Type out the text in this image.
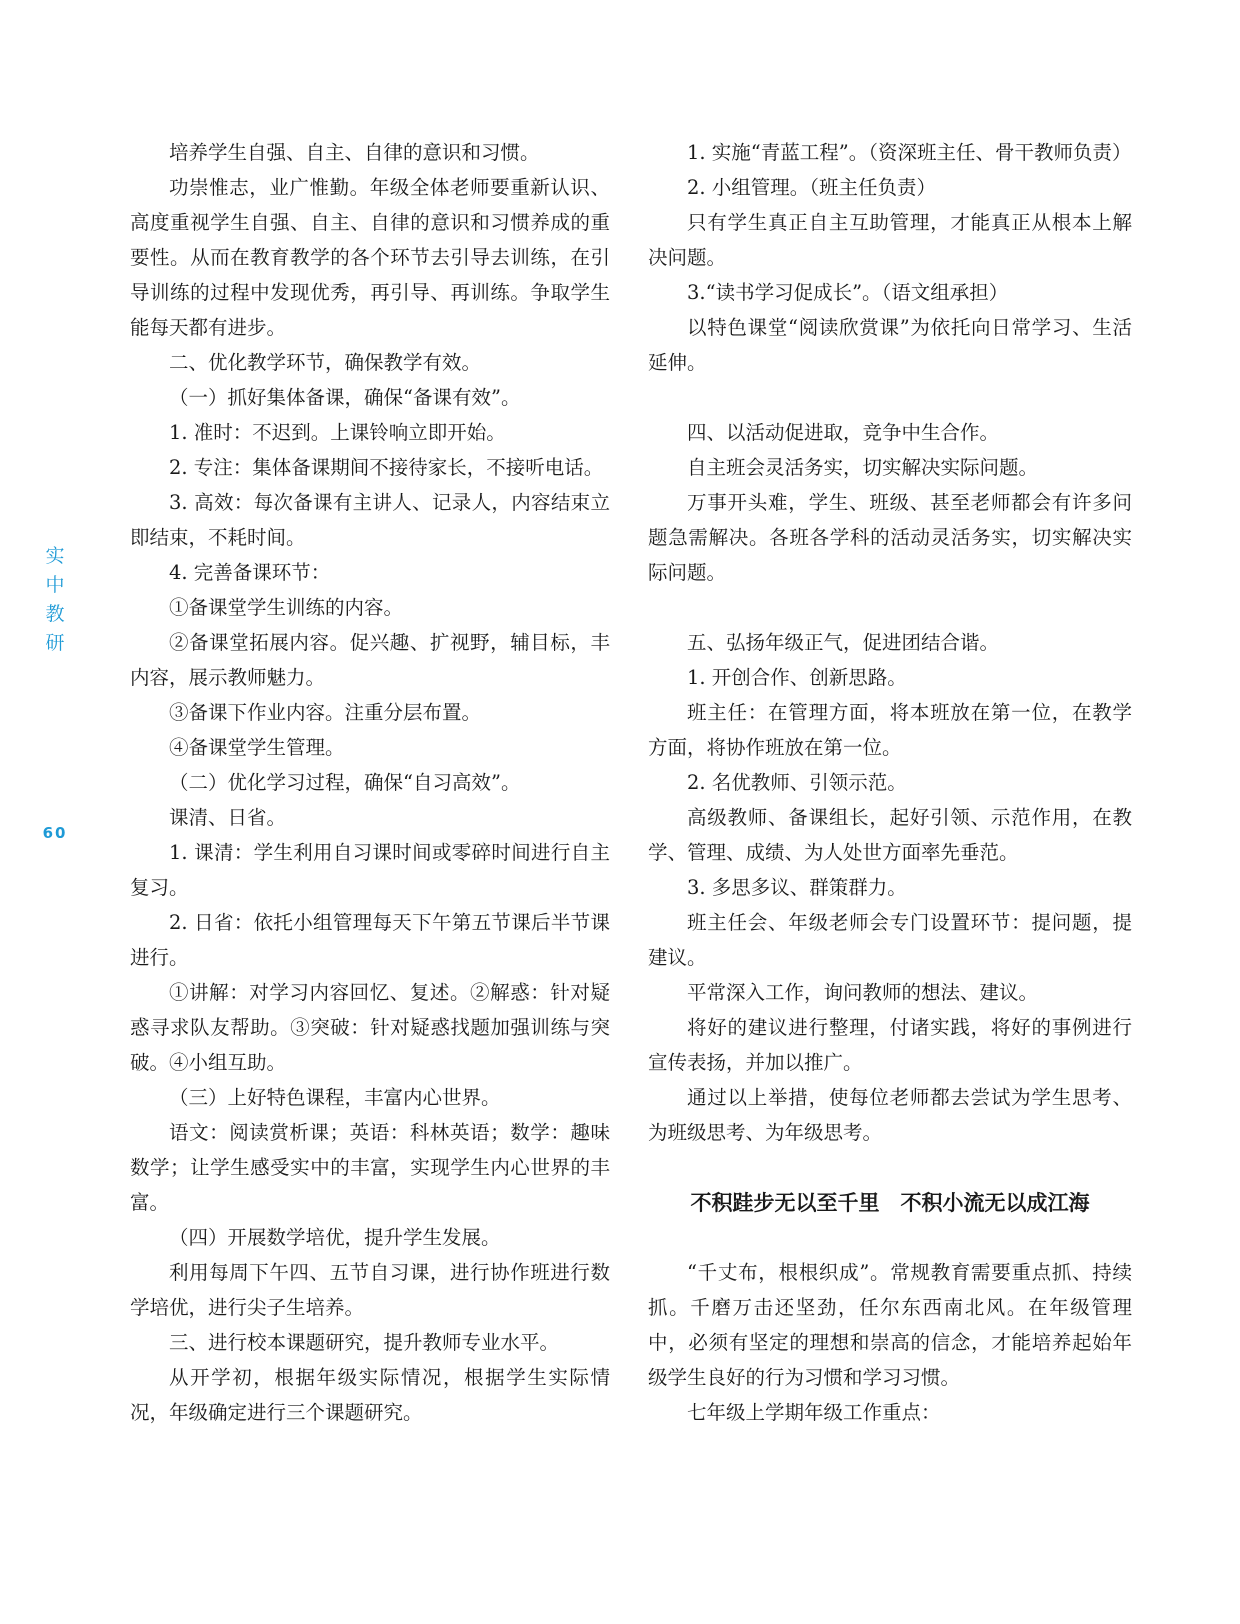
实
中
教
研
60

培养学生自强、自主、自律的意识和习惯。

功崇惟志，业广惟勤。年级全体老师要重新认识、高度重视学生自强、自主、自律的意识和习惯养成的重要性。从而在教育教学的各个环节去引导去训练，在引导训练的过程中发现优秀，再引导、再训练。争取学生能每天都有进步。

二、优化教学环节，确保教学有效。

（一）抓好集体备课，确保“备课有效”。

1. 准时：不迟到。上课铃响立即开始。

2. 专注：集体备课期间不接待家长，不接听电话。

3. 高效：每次备课有主讲人、记录人，内容结束立即结束，不耗时间。

4. 完善备课环节：

①备课堂学生训练的内容。

②备课堂拓展内容。促兴趣、扩视野，辅目标，丰内容，展示教师魅力。

③备课下作业内容。注重分层布置。

④备课堂学生管理。

（二）优化学习过程，确保“自习高效”。

课清、日省。

1. 课清：学生利用自习课时间或零碎时间进行自主复习。

2. 日省：依托小组管理每天下午第五节课后半节课进行。

①讲解：对学习内容回忆、复述。②解惑：针对疑惑寻求队友帮助。③突破：针对疑惑找题加强训练与突破。④小组互助。

（三）上好特色课程，丰富内心世界。

语文：阅读赏析课；英语：科林英语；数学：趣味数学；让学生感受实中的丰富，实现学生内心世界的丰富。

（四）开展数学培优，提升学生发展。

利用每周下午四、五节自习课，进行协作班进行数学培优，进行尖子生培养。

三、进行校本课题研究，提升教师专业水平。

从开学初，根据年级实际情况，根据学生实际情况，年级确定进行三个课题研究。

1. 实施“青蓝工程”。（资深班主任、骨干教师负责）

2. 小组管理。（班主任负责）

只有学生真正自主互助管理，才能真正从根本上解决问题。

3.“读书学习促成长”。（语文组承担）

以特色课堂“阅读欣赏课”为依托向日常学习、生活延伸。

四、以活动促进取，竞争中生合作。

自主班会灵活务实，切实解决实际问题。

万事开头难，学生、班级、甚至老师都会有许多问题急需解决。各班各学科的活动灵活务实，切实解决实际问题。

五、弘扬年级正气，促进团结合谐。

1. 开创合作、创新思路。

班主任：在管理方面，将本班放在第一位，在教学方面，将协作班放在第一位。

2. 名优教师、引领示范。

高级教师、备课组长，起好引领、示范作用，在教学、管理、成绩、为人处世方面率先垂范。

3. 多思多议、群策群力。

班主任会、年级老师会专门设置环节：提问题，提建议。

平常深入工作，询问教师的想法、建议。

将好的建议进行整理，付诸实践，将好的事例进行宣传表扬，并加以推广。

通过以上举措，使每位老师都去尝试为学生思考、为班级思考、为年级思考。

不积跬步无以至千里　不积小流无以成江海

“千丈布，根根织成”。常规教育需要重点抓、持续抓。千磨万击还坚劲，任尔东西南北风。在年级管理中，必须有坚定的理想和崇高的信念，才能培养起始年级学生良好的行为习惯和学习习惯。

七年级上学期年级工作重点：
